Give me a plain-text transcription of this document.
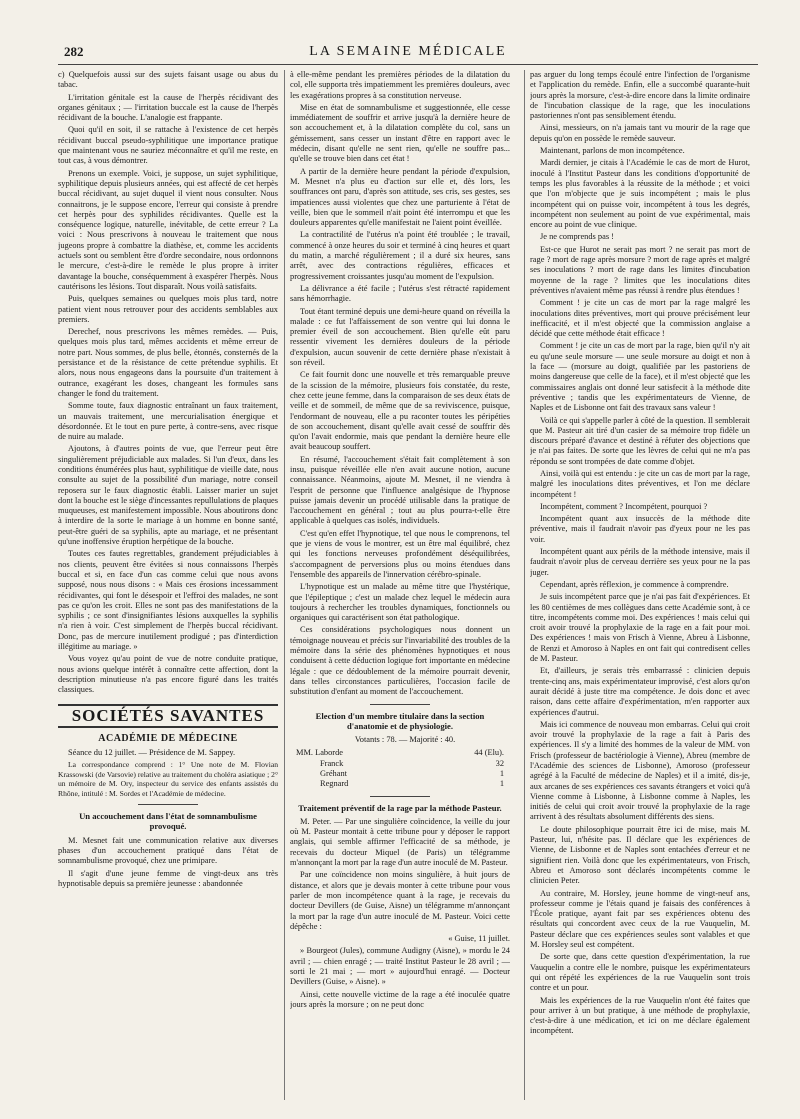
282	LA SEMAINE MÉDICALE

c) Quelquefois aussi sur des sujets faisant usage ou abus du tabac.

L'irritation génitale est la cause de l'herpès récidivant des organes génitaux ; — l'irritation buccale est la cause de l'herpès récidivant de la bouche. L'analogie est frappante.

Quoi qu'il en soit, il se rattache à l'existence de cet herpès récidivant buccal pseudo-syphilitique une importance pratique que maintenant vous ne sauriez méconnaître et qu'il me reste, en tout cas, à vous démontrer.

Prenons un exemple. Voici, je suppose, un sujet syphilitique, syphilitique depuis plusieurs années, qui est affecté de cet herpès buccal récidivant, au sujet duquel il vient nous consulter. Nous connaitrons, je le suppose encore, l'erreur qui consiste à prendre cet herpès pour des syphilides récidivantes. Quelle est la conséquence logique, naturelle, inévitable, de cette erreur ? La voici : Nous prescrivons à nouveau le traitement que nous jugeons propre à combattre la diathèse, et, comme les accidents actuels sont ou semblent être d'ordre secondaire, nous ordonnons le mercure, c'est-à-dire le remède le plus propre à irriter davantage la bouche, conséquemment à exaspérer l'herpès. Nous cautérisons les lésions. Tout disparaît. Nous voilà satisfaits.

Puis, quelques semaines ou quelques mois plus tard, notre patient vient nous retrouver pour des accidents semblables aux premiers.

Derechef, nous prescrivons les mêmes remèdes. — Puis, quelques mois plus tard, mêmes accidents et même erreur de notre part. Nous sommes, de plus belle, étonnés, consternés de la persistance et de la résistance de cette prétendue syphilis. Et alors, nous nous engageons dans la poursuite d'un traitement à outrance, exagérant les doses, changeant les formules sans changer le fond du traitement.

Somme toute, faux diagnostic entraînant un faux traitement, un mauvais traitement, une mercurialisation énergique et désordonnée. Et le tout en pure perte, à contre-sens, avec risque de nuire au malade.

Ajoutons, à d'autres points de vue, que l'erreur peut être singulièrement préjudiciable aux malades. Si l'un d'eux, dans les conditions énumérées plus haut, syphilitique de vieille date, nous consulte au sujet de la possibilité d'un mariage, notre conseil reposera sur le faux diagnostic établi. Laisser marier un sujet dont la bouche est le siège d'incessantes repullulations de plaques muqueuses, est manifestement impossible. Nous aboutirons donc à interdire de la sorte le mariage à un homme en bonne santé, peut-être guéri de sa syphilis, apte au mariage, et ne présentant qu'une inoffensive éruption herpétique de la bouche.

Toutes ces fautes regrettables, grandement préjudiciables à nos clients, peuvent être évitées si nous connaissons l'herpès buccal et si, en face d'un cas comme celui que nous avons supposé, nous nous disons : « Mais ces érosions incessamment récidivantes, qui font le désespoir et l'effroi des malades, ne sont pas ce qu'on les croit. Elles ne sont pas des manifestations de la syphilis ; ce sont d'insignifiantes lésions auxquelles la syphilis n'a rien à voir. C'est simplement de l'herpès buccal récidivant. Donc, pas de mercure inutilement prodigué ; pas d'interdiction illégitime au mariage. »

Vous voyez qu'au point de vue de notre conduite pratique, nous avions quelque intérêt à connaître cette affection, dont la description minutieuse n'a pas encore figuré dans les traités classiques.

SOCIÉTÉS SAVANTES
ACADÉMIE DE MÉDECINE

Séance du 12 juillet. — Présidence de M. Sappey.

La correspondance comprend : 1° Une note de M. Flovian Krassowski (de Varsovie) relative au traitement du choléra asiatique ; 2° un mémoire de M. Ory, inspecteur du service des enfants assistés du Rhône, intitulé : M. Sordes et l'Académie de médecine.

Un accouchement dans l'état de somnambulisme provoqué.

M. Mesnet fait une communication relative aux diverses phases d'un accouchement pratiqué dans l'état de somnambulisme provoqué, chez une primipare.

Il s'agit d'une jeune femme de vingt-deux ans très hypnotisable depuis sa première jeunesse : abandonnée

à elle-même pendant les premières périodes de la dilatation du col, elle supporta très impatiemment les premières douleurs, avec les exagérations propres à sa constitution nerveuse.

Mise en état de somnambulisme et suggestionnée, elle cesse immédiatement de souffrir et arrive jusqu'à la dernière heure de son accouchement et, à la dilatation complète du col, sans un gémissement, sans cesser un instant d'être en rapport avec le médecin, disant qu'elle ne sent rien, qu'elle ne souffre pas... qu'elle se trouve bien dans cet état !

A partir de la dernière heure pendant la période d'expulsion, M. Mesnet n'a plus eu d'action sur elle et, dès lors, les souffrances ont paru, d'après son attitude, ses cris, ses gestes, ses impatiences aussi violentes que chez une parturiente à l'état de veille, bien que le sommeil n'ait point été interrompu et que les douleurs apparentes qu'elle manifestait ne l'aient point éveillée.

La contractilité de l'utérus n'a point été troublée ; le travail, commencé à onze heures du soir et terminé à cinq heures et quart du matin, a marché régulièrement ; il a duré six heures, sans arrêt, avec des contractions régulières, efficaces et progressivement croissantes jusqu'au moment de l'expulsion.

La délivrance a été facile ; l'utérus s'est rétracté rapidement sans hémorrhagie.

Tout étant terminé depuis une demi-heure quand on réveilla la malade : ce fut l'affaissement de son ventre qui lui donna le premier éveil de son accouchement. Bien qu'elle eût paru ressentir vivement les dernières douleurs de la période d'expulsion, aucun souvenir de cette dernière phase n'existait à son réveil.

Ce fait fournit donc une nouvelle et très remarquable preuve de la scission de la mémoire, plusieurs fois constatée, du reste, chez cette jeune femme, dans la comparaison de ses deux états de veille et de sommeil, de même que de sa reviviscence, puisque, l'endormant de nouveau, elle a pu raconter toutes les péripéties de son accouchement, disant qu'elle avait cessé de souffrir dès qu'on l'avait endormie, mais que pendant la dernière heure elle avait beaucoup souffert.

En résumé, l'accouchement s'était fait complètement à son insu, puisque réveillée elle n'en avait aucune notion, aucune connaissance. Néanmoins, ajoute M. Mesnet, il ne viendra à l'esprit de personne que l'influence analgésique de l'hypnose puisse jamais devenir un procédé utilisable dans la pratique de l'accouchement en général ; tout au plus pourra-t-elle être applicable à quelques cas isolés, individuels.

C'est qu'en effet l'hypnotique, tel que nous le comprenons, tel que je viens de vous le montrer, est un être mal équilibré, chez qui les fonctions nerveuses profondément déséquilibrées, s'accompagnent de perversions plus ou moins étendues dans l'ensemble des appareils de l'innervation cérébro-spinale.

L'hypnotique est un malade au même titre que l'hystérique, que l'épileptique ; c'est un malade chez lequel le médecin aura toujours à rechercher les troubles dynamiques, fonctionnels ou organiques qui caractérisent son état pathologique.

Ces considérations psychologiques nous donnent un témoignage nouveau et précis sur l'invariabilité des troubles de la mémoire dans la série des phénomènes hypnotiques et nous conduisent à cette déduction logique fort importante en médecine légale : que ce dédoublement de la mémoire pourrait devenir, dans telles circonstances particulières, l'occasion facile de substitution d'enfant au moment de l'accouchement.

Election d'un membre titulaire dans la section d'anatomie et de physiologie.

Votants : 78. — Majorité : 40.

MM. Laborde	44 (Elu).
Franck	32
Gréhant	1
Regnard	1
Traitement préventif de la rage par la méthode Pasteur.

M. Peter. — Par une singulière coïncidence, la veille du jour où M. Pasteur montait à cette tribune pour y déposer le rapport anglais, qui semble affirmer l'efficacité de sa méthode, je recevais du docteur Miquel (de Paris) un télégramme m'annonçant la mort par la rage d'un autre inoculé de M. Pasteur.

Par une coïncidence non moins singulière, à huit jours de distance, et alors que je devais monter à cette tribune pour vous parler de mon incompétence quant à la rage, je recevais du docteur Devillers (de Guise, Aisne) un télégramme m'annonçant la mort par la rage d'un autre inoculé de M. Pasteur. Voici cette dépêche :

« Guise, 11 juillet.

» Bourgeot (Jules), commune Audigny (Aisne), » mordu le 24 avril ; — chien enragé ; — traité Institut Pasteur le 28 avril ; — sorti le 21 mai ; — mort » aujourd'hui enragé. — Docteur Devillers (Guise, » Aisne). »

Ainsi, cette nouvelle victime de la rage a été inoculée quatre jours après la morsure ; on ne peut donc

pas arguer du long temps écoulé entre l'infection de l'organisme et l'application du remède. Enfin, elle a succombé quarante-huit jours après la morsure, c'est-à-dire encore dans la limite ordinaire de l'incubation classique de la rage, que les inoculations pastoriennes n'ont pas sensiblement étendu.

Ainsi, messieurs, on n'a jamais tant vu mourir de la rage que depuis qu'on en possède le remède sauveur.

Maintenant, parlons de mon incompétence.

Mardi dernier, je citais à l'Académie le cas de mort de Hurot, inoculé à l'Institut Pasteur dans les conditions d'opportunité de temps les plus favorables à la réussite de la méthode ; et voici que l'on m'objecte que je suis incompétent ; mais le plus incompétent qui on puisse voir, incompétent à tous les degrés, incompétent non seulement au point de vue expérimental, mais encore au point de vue clinique.

Je ne comprends pas !

Est-ce que Hurot ne serait pas mort ? ne serait pas mort de rage ? mort de rage après morsure ? mort de rage après et malgré ses inoculations ? mort de rage dans les limites d'incubation moyenne de la rage ? limites que les inoculations dites préventives n'avaient même pas réussi à rendre plus étendues !

Comment ! je cite un cas de mort par la rage malgré les inoculations dites préventives, mort qui prouve précisément leur inefficacité, et il m'est objecté que la commission anglaise a décidé que cette méthode était efficace !

Comment ! je cite un cas de mort par la rage, bien qu'il n'y ait eu qu'une seule morsure — une seule morsure au doigt et non à la face — (morsure au doigt, qualifiée par les pastoriens de moins dangereuse que celle de la face), et il m'est objecté que les commissaires anglais ont donné leur satisfecit à la méthode dite préventive ; tandis que les expérimentateurs de Vienne, de Naples et de Lisbonne ont fait des travaux sans valeur !

Voilà ce qui s'appelle parler à côté de la question. Il semblerait que M. Pasteur ait tiré d'un casier de sa mémoire trop fidèle un discours préparé d'avance et destiné à réfuter des objections que je n'ai pas faites. De sorte que les lèvres de celui qui ne m'a pas répondu se sont trompées de date comme d'objet.

Ainsi, voilà qui est entendu : je cite un cas de mort par la rage, malgré les inoculations dites préventives, et l'on me déclare incompétent !

Incompétent, comment ? Incompétent, pourquoi ?

Incompétent quant aux insuccès de la méthode dite préventive, mais il faudrait n'avoir pas d'yeux pour ne les pas voir.

Incompétent quant aux périls de la méthode intensive, mais il faudrait n'avoir plus de cerveau derrière ses yeux pour ne la pas juger.

Cependant, après réflexion, je commence à comprendre.

Je suis incompétent parce que je n'ai pas fait d'expériences. Et les 80 centièmes de mes collègues dans cette Académie sont, à ce titre, incompétents comme moi. Des expériences ! mais celui qui croit avoir trouvé la prophylaxie de la rage en a fait pour moi. Des expériences ! mais von Frisch à Vienne, Abreu à Lisbonne, de Renzi et Amoroso à Naples en ont fait qui contredisent celles de M. Pasteur.

Et, d'ailleurs, je serais très embarrassé : clinicien depuis trente-cinq ans, mais expérimentateur improvisé, c'est alors qu'on aurait décidé à juste titre ma compétence. Je dois donc et avec raison, dans cette affaire d'expérimentation, m'en rapporter aux expériences d'autrui.

Mais ici commence de nouveau mon embarras. Celui qui croit avoir trouvé la prophylaxie de la rage a fait à Paris des expériences. Il s'y a limité des hommes de la valeur de MM. von Frisch (professeur de bactériologie à Vienne), Abreu (membre de l'Académie des sciences de Lisbonne), Amoroso (professeur agrégé à la Faculté de médecine de Naples) et il a imité, dis-je, aux arcanes de ses expériences ces savants étrangers et voici qu'à Vienne comme à Lisbonne, à Lisbonne comme à Naples, les initiés de celui qui croit avoir trouvé la prophylaxie de la rage arrivent à des résultats absolument différents des siens.

Le doute philosophique pourrait être ici de mise, mais M. Pasteur, lui, n'hésite pas. Il déclare que les expériences de Vienne, de Lisbonne et de Naples sont entachées d'erreur et ne signifient rien. Voilà donc que les expérimentateurs, von Frisch, Abreu et Amoroso sont déclarés incompétents comme le clinicien Peter.

Au contraire, M. Horsley, jeune homme de vingt-neuf ans, professeur comme je l'étais quand je faisais des conférences à l'École pratique, ayant fait par ses expériences obtenu des résultats qui concordent avec ceux de la rue Vauquelin, M. Pasteur déclare que ces expériences seules sont valables et que M. Horsley seul est compétent.

De sorte que, dans cette question d'expérimentation, la rue Vauquelin a contre elle le nombre, puisque les expérimentateurs qui ont répété les expériences de la rue Vauquelin sont trois contre et un pour.

Mais les expériences de la rue Vauquelin n'ont été faites que pour arriver à un but pratique, à une méthode de prophylaxie, c'est-à-dire à une médication, et ici on me déclare également incompétent.
